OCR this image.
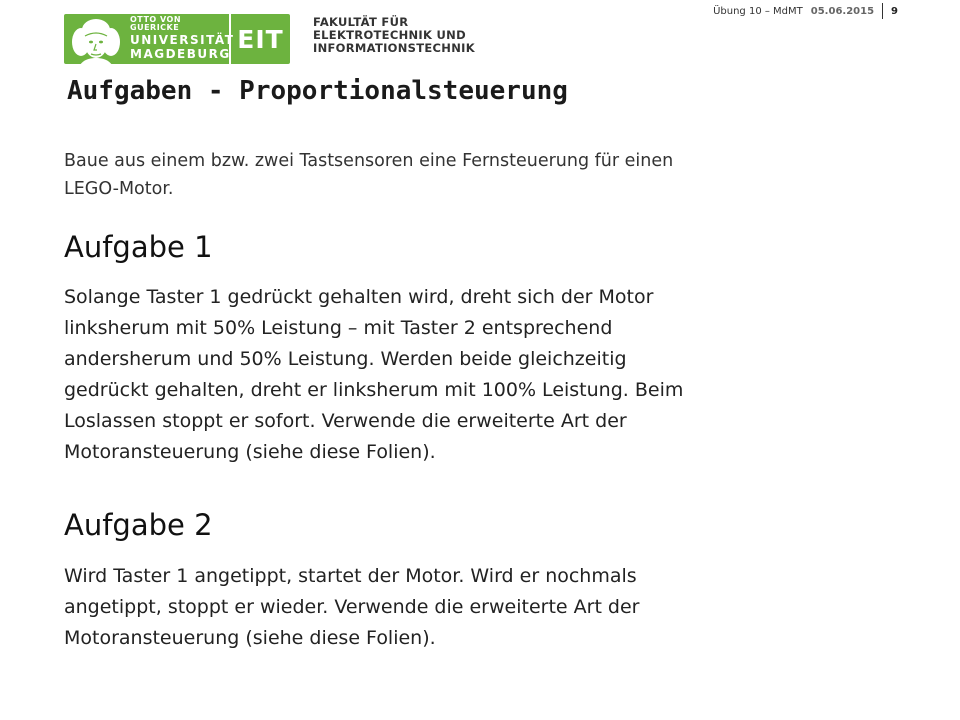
OTTO VON GUERICKE
UNIVERSITÄT
MAGDEBURG
EIT
FAKULTÄT FÜR
ELEKTROTECHNIK UND
INFORMATIONSTECHNIK
Übung 10 – MdMT 05.06.2015 9
Aufgaben - Proportionalsteuerung

Baue aus einem bzw. zwei Tastsensoren eine Fernsteuerung für einen
LEGO-Motor.

Aufgabe 1

Solange Taster 1 gedrückt gehalten wird, dreht sich der Motor
linksherum mit 50% Leistung – mit Taster 2 entsprechend
andersherum und 50% Leistung. Werden beide gleichzeitig
gedrückt gehalten, dreht er linksherum mit 100% Leistung. Beim
Loslassen stoppt er sofort. Verwende die erweiterte Art der
Motoransteuerung (siehe diese Folien).

Aufgabe 2

Wird Taster 1 angetippt, startet der Motor. Wird er nochmals
angetippt, stoppt er wieder. Verwende die erweiterte Art der
Motoransteuerung (siehe diese Folien).
